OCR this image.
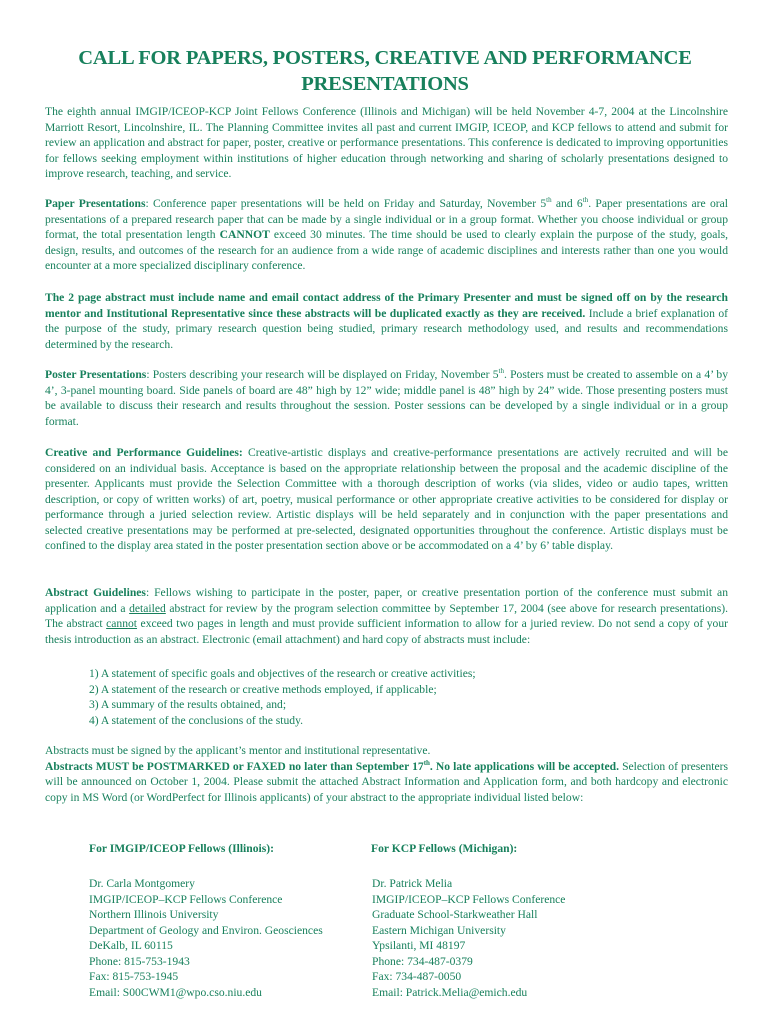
CALL FOR PAPERS, POSTERS, CREATIVE AND PERFORMANCE
PRESENTATIONS

The eighth annual IMGIP/ICEOP-KCP Joint Fellows Conference (Illinois and Michigan) will be held November 4-7, 2004 at the Lincolnshire Marriott Resort, Lincolnshire, IL. The Planning Committee invites all past and current IMGIP, ICEOP, and KCP fellows to attend and submit for review an application and abstract for paper, poster, creative or performance presentations. This conference is dedicated to improving opportunities for fellows seeking employment within institutions of higher education through networking and sharing of scholarly presentations designed to improve research, teaching, and service.

Paper Presentations: Conference paper presentations will be held on Friday and Saturday, November 5th and 6th. Paper presentations are oral presentations of a prepared research paper that can be made by a single individual or in a group format. Whether you choose individual or group format, the total presentation length CANNOT exceed 30 minutes. The time should be used to clearly explain the purpose of the study, goals, design, results, and outcomes of the research for an audience from a wide range of academic disciplines and interests rather than one you would encounter at a more specialized disciplinary conference.

The 2 page abstract must include name and email contact address of the Primary Presenter and must be signed off on by the research mentor and Institutional Representative since these abstracts will be duplicated exactly as they are received. Include a brief explanation of the purpose of the study, primary research question being studied, primary research methodology used, and results and recommendations determined by the research.

Poster Presentations: Posters describing your research will be displayed on Friday, November 5th. Posters must be created to assemble on a 4’ by 4’, 3-panel mounting board. Side panels of board are 48” high by 12” wide; middle panel is 48” high by 24” wide. Those presenting posters must be available to discuss their research and results throughout the session. Poster sessions can be developed by a single individual or in a group format.

Creative and Performance Guidelines: Creative-artistic displays and creative-performance presentations are actively recruited and will be considered on an individual basis. Acceptance is based on the appropriate relationship between the proposal and the academic discipline of the presenter. Applicants must provide the Selection Committee with a thorough description of works (via slides, video or audio tapes, written description, or copy of written works) of art, poetry, musical performance or other appropriate creative activities to be considered for display or performance through a juried selection review. Artistic displays will be held separately and in conjunction with the paper presentations and selected creative presentations may be performed at pre-selected, designated opportunities throughout the conference. Artistic displays must be confined to the display area stated in the poster presentation section above or be accommodated on a 4’ by 6’ table display.

Abstract Guidelines: Fellows wishing to participate in the poster, paper, or creative presentation portion of the conference must submit an application and a detailed abstract for review by the program selection committee by September 17, 2004 (see above for research presentations). The abstract cannot exceed two pages in length and must provide sufficient information to allow for a juried review. Do not send a copy of your thesis introduction as an abstract. Electronic (email attachment) and hard copy of abstracts must include:

1) A statement of specific goals and objectives of the research or creative activities;
2) A statement of the research or creative methods employed, if applicable;
3) A summary of the results obtained, and;
4) A statement of the conclusions of the study.

Abstracts must be signed by the applicant’s mentor and institutional representative.
Abstracts MUST be POSTMARKED or FAXED no later than September 17th. No late applications will be accepted. Selection of presenters will be announced on October 1, 2004. Please submit the attached Abstract Information and Application form, and both hardcopy and electronic copy in MS Word (or WordPerfect for Illinois applicants) of your abstract to the appropriate individual listed below:

For IMGIP/ICEOP Fellows (Illinois):	For KCP Fellows (Michigan):
Dr. Carla Montgomery
IMGIP/ICEOP–KCP Fellows Conference
Northern Illinois University
Department of Geology and Environ. Geosciences
DeKalb, IL 60115
Phone: 815-753-1943
Fax: 815-753-1945
Email: S00CWM1@wpo.cso.niu.edu
Dr. Patrick Melia
IMGIP/ICEOP–KCP Fellows Conference
Graduate School-Starkweather Hall
Eastern Michigan University
Ypsilanti, MI 48197
Phone: 734-487-0379
Fax: 734-487-0050
Email: Patrick.Melia@emich.edu
